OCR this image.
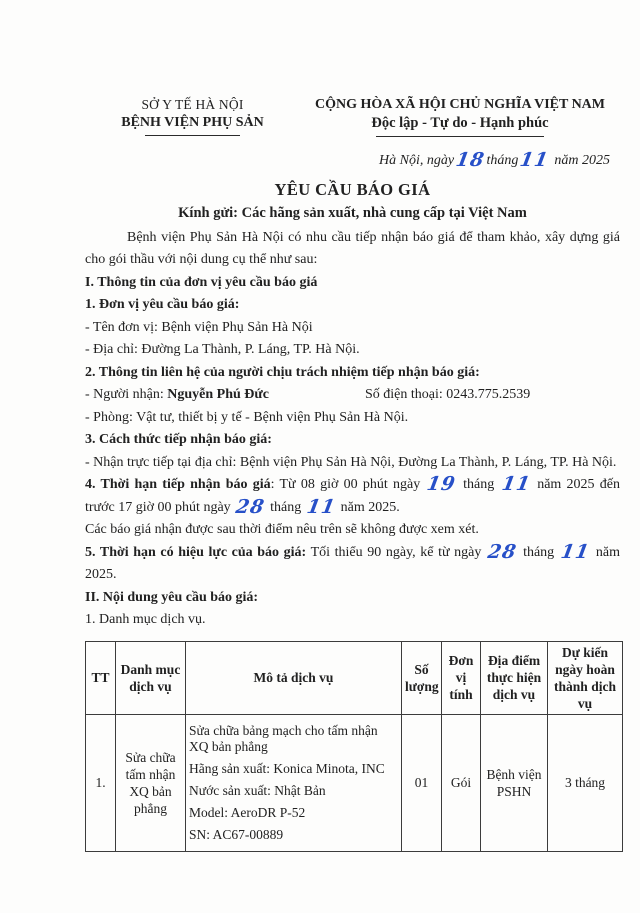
SỞ Y TẾ HÀ NỘI
BỆNH VIỆN PHỤ SẢN
CỘNG HÒA XÃ HỘI CHỦ NGHĨA VIỆT NAM
Độc lập - Tự do - Hạnh phúc
Hà Nội, ngày18tháng11 năm 2025
YÊU CẦU BÁO GIÁ
Kính gửi: Các hãng sản xuất, nhà cung cấp tại Việt Nam

Bệnh viện Phụ Sản Hà Nội có nhu cầu tiếp nhận báo giá để tham khảo, xây dựng giá cho gói thầu với nội dung cụ thể như sau:

I. Thông tin của đơn vị yêu cầu báo giá
1. Đơn vị yêu cầu báo giá:
- Tên đơn vị: Bệnh viện Phụ Sản Hà Nội
- Địa chỉ: Đường La Thành, P. Láng, TP. Hà Nội.
2. Thông tin liên hệ của người chịu trách nhiệm tiếp nhận báo giá:
- Người nhận: Nguyễn Phú Đức	Số điện thoại: 0243.775.2539
- Phòng: Vật tư, thiết bị y tế - Bệnh viện Phụ Sản Hà Nội.
3. Cách thức tiếp nhận báo giá:

- Nhận trực tiếp tại địa chỉ: Bệnh viện Phụ Sản Hà Nội, Đường La Thành, P. Láng, TP. Hà Nội.

4. Thời hạn tiếp nhận báo giá: Từ 08 giờ 00 phút ngày 19 tháng 11 năm 2025 đến trước 17 giờ 00 phút ngày 28 tháng 11 năm 2025.

Các báo giá nhận được sau thời điểm nêu trên sẽ không được xem xét.

5. Thời hạn có hiệu lực của báo giá: Tối thiểu 90 ngày, kể từ ngày 28 tháng 11 năm 2025.

II. Nội dung yêu cầu báo giá:
1. Danh mục dịch vụ.
TT	Danh mục dịch vụ	Mô tả dịch vụ	Số lượng	Đơn vị tính	Địa điểm thực hiện dịch vụ	Dự kiến ngày hoàn thành dịch vụ
1.	Sửa chữa tấm nhận XQ bản phẳng	Sửa chữa bảng mạch cho tấm nhận XQ bản phẳng
Hãng sản xuất: Konica Minota, INC
Nước sản xuất: Nhật Bản
Model: AeroDR P-52
SN: AC67-00889	01	Gói	Bệnh viện PSHN	3 tháng
